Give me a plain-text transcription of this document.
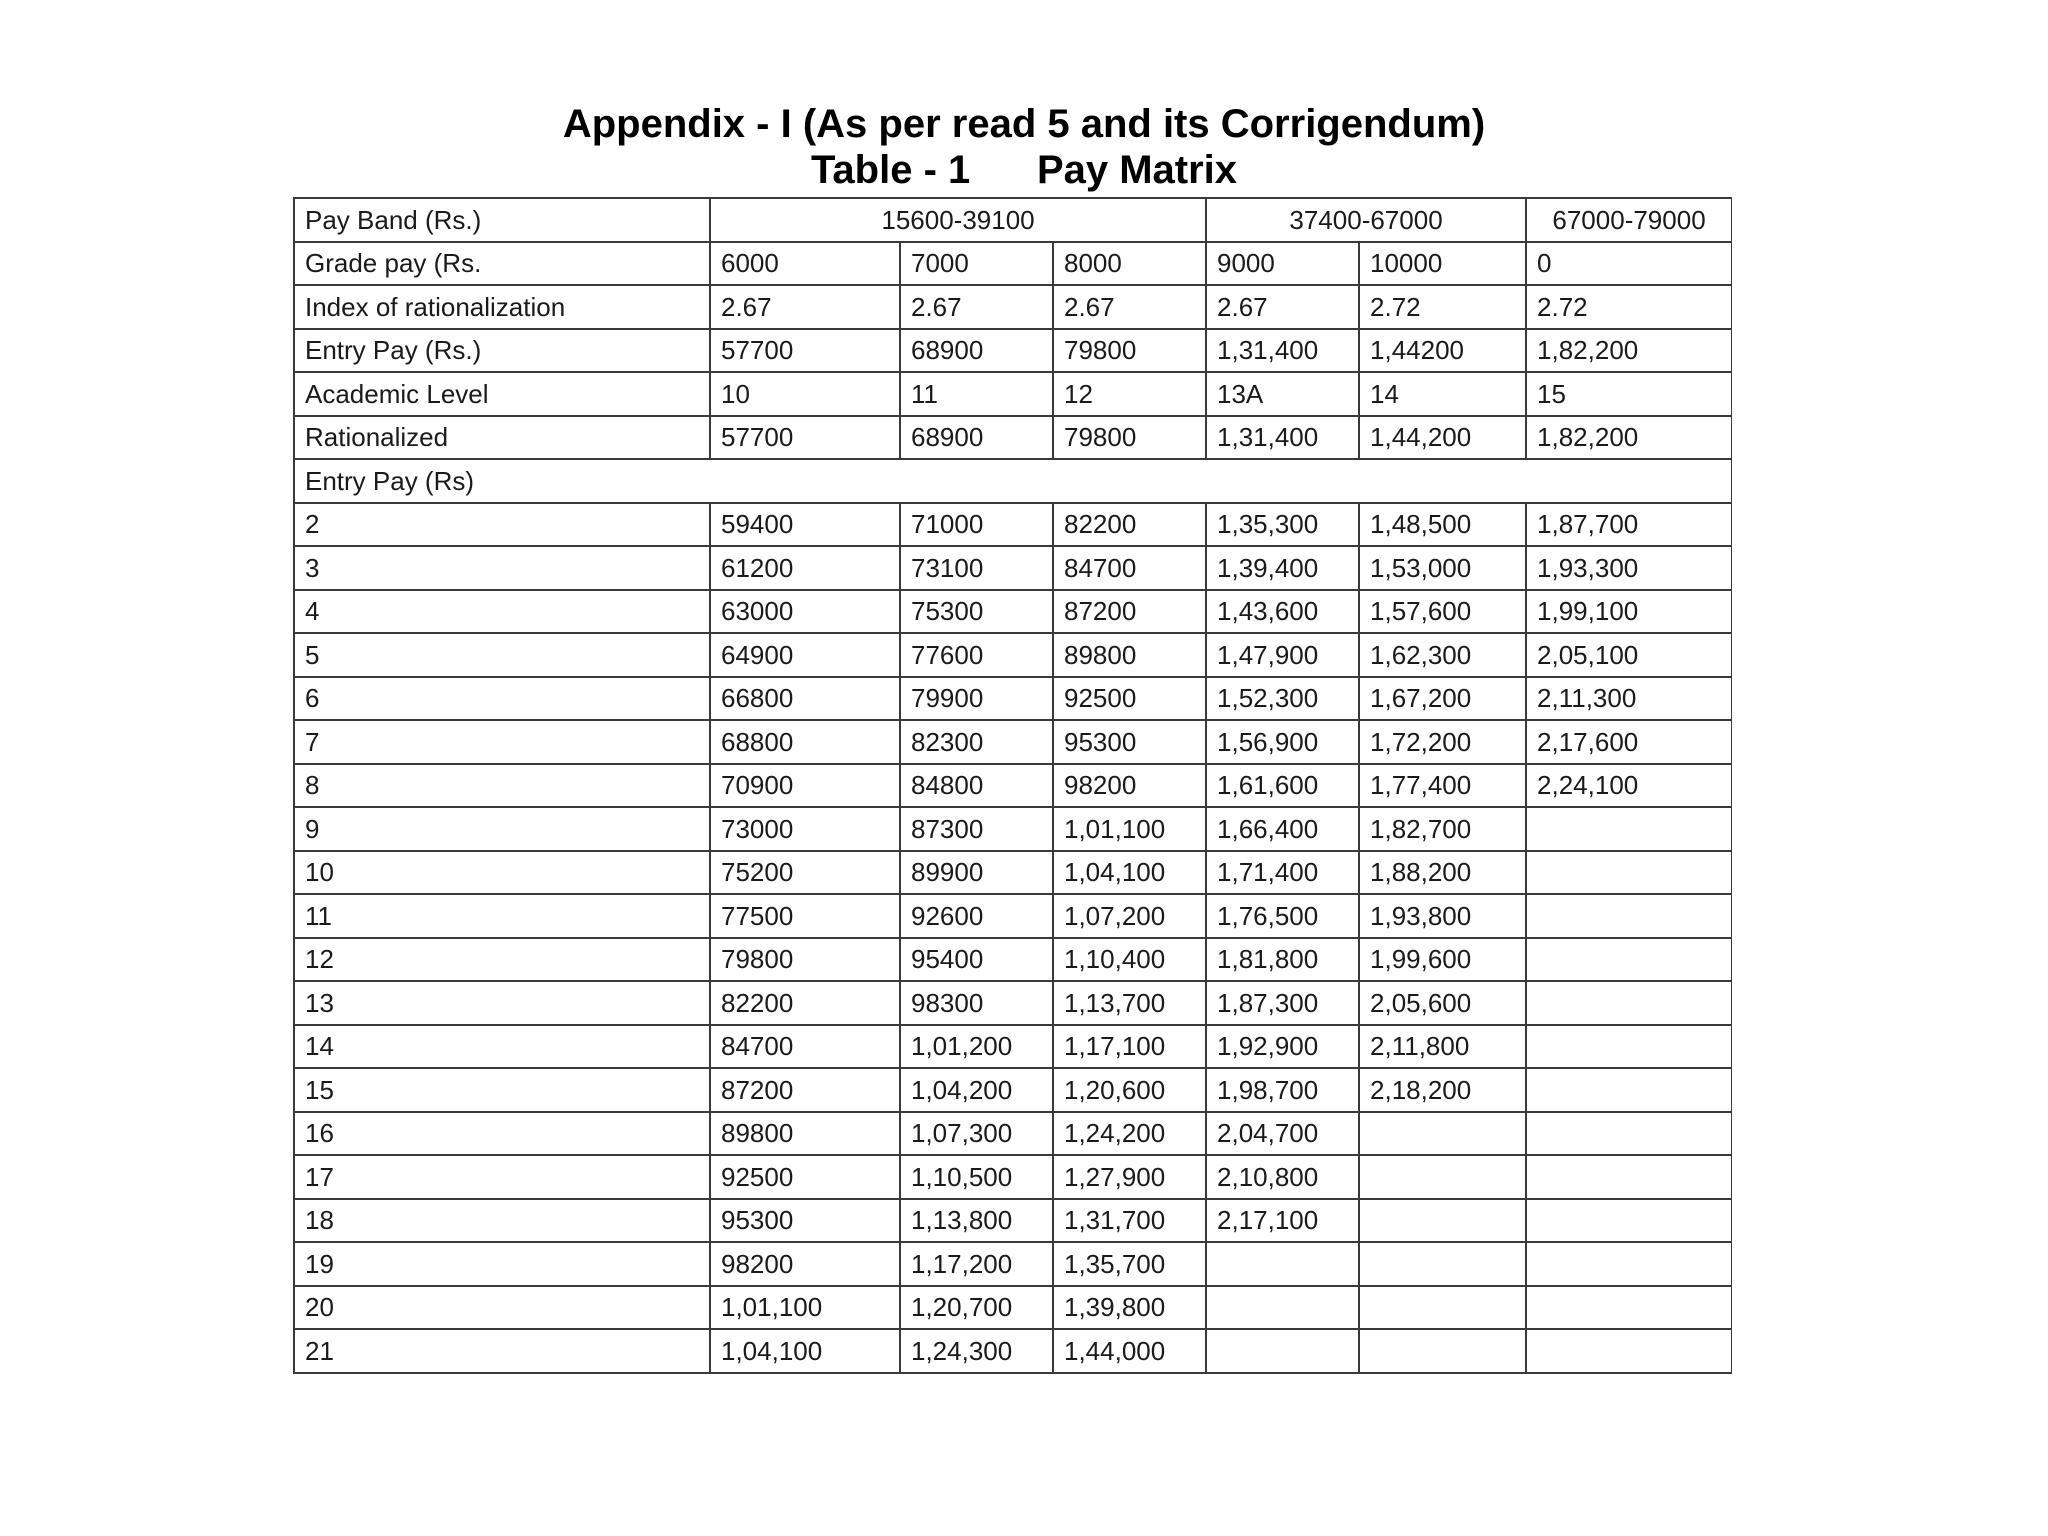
Appendix - I (As per read 5 and its Corrigendum)
Table - 1 Pay Matrix
Pay Band (Rs.)	15600-39100			37400-67000		67000-79000
Grade pay (Rs.	6000	7000	8000	9000	10000	0
Index of rationalization	2.67	2.67	2.67	2.67	2.72	2.72
Entry Pay (Rs.)	57700	68900	79800	1,31,400	1,44200	1,82,200
Academic Level	10	11	12	13A	14	15
Rationalized	57700	68900	79800	1,31,400	1,44,200	1,82,200
Entry Pay (Rs)						
2	59400	71000	82200	1,35,300	1,48,500	1,87,700
3	61200	73100	84700	1,39,400	1,53,000	1,93,300
4	63000	75300	87200	1,43,600	1,57,600	1,99,100
5	64900	77600	89800	1,47,900	1,62,300	2,05,100
6	66800	79900	92500	1,52,300	1,67,200	2,11,300
7	68800	82300	95300	1,56,900	1,72,200	2,17,600
8	70900	84800	98200	1,61,600	1,77,400	2,24,100
9	73000	87300	1,01,100	1,66,400	1,82,700	
10	75200	89900	1,04,100	1,71,400	1,88,200	
11	77500	92600	1,07,200	1,76,500	1,93,800	
12	79800	95400	1,10,400	1,81,800	1,99,600	
13	82200	98300	1,13,700	1,87,300	2,05,600	
14	84700	1,01,200	1,17,100	1,92,900	2,11,800	
15	87200	1,04,200	1,20,600	1,98,700	2,18,200	
16	89800	1,07,300	1,24,200	2,04,700		
17	92500	1,10,500	1,27,900	2,10,800		
18	95300	1,13,800	1,31,700	2,17,100		
19	98200	1,17,200	1,35,700			
20	1,01,100	1,20,700	1,39,800			
21	1,04,100	1,24,300	1,44,000			
